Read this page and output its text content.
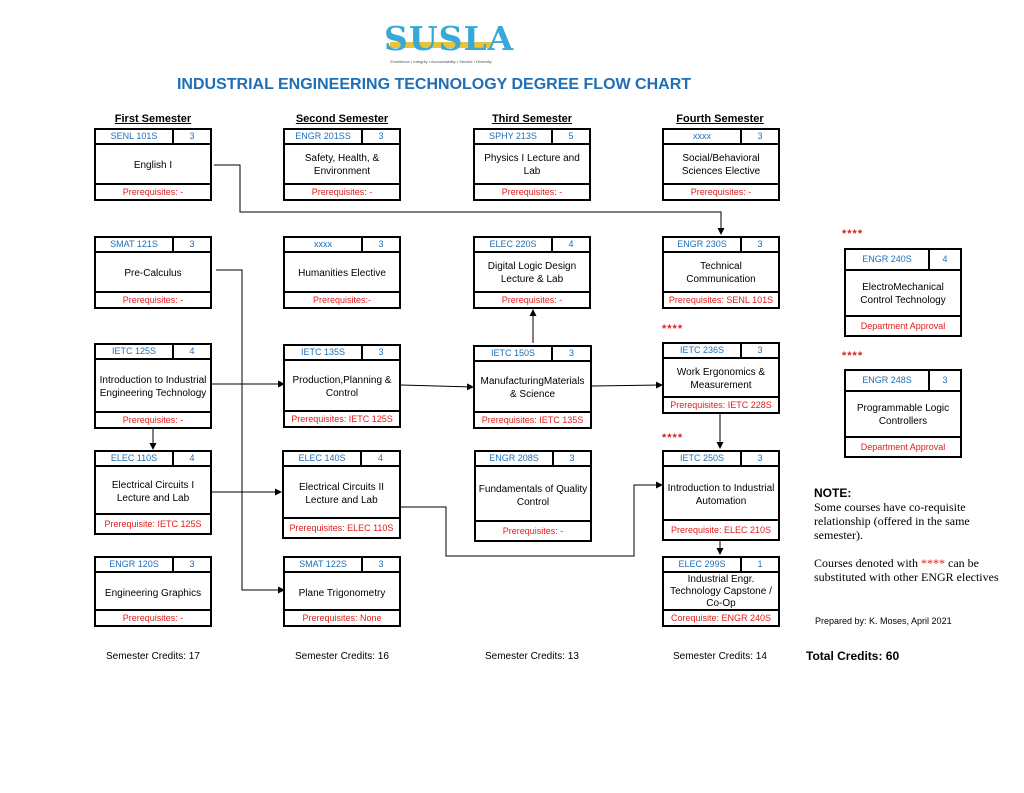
SUSLA
Excellence • Integrity • Accountability • Service • Diversity
INDUSTRIAL ENGINEERING TECHNOLOGY DEGREE FLOW CHART
First Semester	Second Semester	Third Semester	Fourth Semester
SENL 101S	3
English I
Prerequisites: -
ENGR 201SS	3
Safety, Health, & Environment
Prerequisites: -
SPHY 213S	5
Physics I Lecture and Lab
Prerequisites: -
xxxx	3
Social/Behavioral Sciences Elective
Prerequisites: -
SMAT 121S	3
Pre-Calculus
Prerequisites: -
xxxx	3
Humanities Elective
Prerequisites:-
ELEC 220S	4
Digital Logic Design Lecture & Lab
Prerequisites: -
ENGR 230S	3
Technical Communication
Prerequisites: SENL 101S
****
ENGR 240S	4
ElectroMechanical Control Technology
Department Approval
IETC 125S	4
Introduction to Industrial Engineering Technology
Prerequisites: -
****
IETC 135S	3
Production,Planning & Control
Prerequisites: IETC 125S
IETC 150S	3
ManufacturingMaterials & Science
Prerequisites: IETC 135S
IETC 236S	3
Work Ergonomics & Measurement
Prerequisites: IETC 228S
****
ENGR 248S	3
Programmable Logic Controllers
Department Approval
****
ELEC 110S	4
Electrical Circuits I Lecture and Lab
Prerequisite: IETC 125S
ELEC 140S	4
Electrical Circuits II Lecture and Lab
Prerequisites: ELEC 110S
ENGR 208S	3
Fundamentals of Quality Control
Prerequisites: -
IETC 250S	3
Introduction to Industrial Automation
Prerequisite: ELEC 210S
ENGR 120S	3
Engineering Graphics
Prerequisites: -
SMAT 122S	3
Plane Trigonometry
Prerequisites: None
ELEC 299S	1
Industrial Engr. Technology Capstone / Co-Op
Corequisite: ENGR 240S
NOTE:
Some courses have co-requisite relationship (offered in the same semester).
Courses denoted with **** can be substituted with other ENGR electives
Prepared by: K. Moses, April 2021
Semester Credits: 17	Semester Credits: 16	Semester Credits: 13	Semester Credits: 14	Total Credits: 60
